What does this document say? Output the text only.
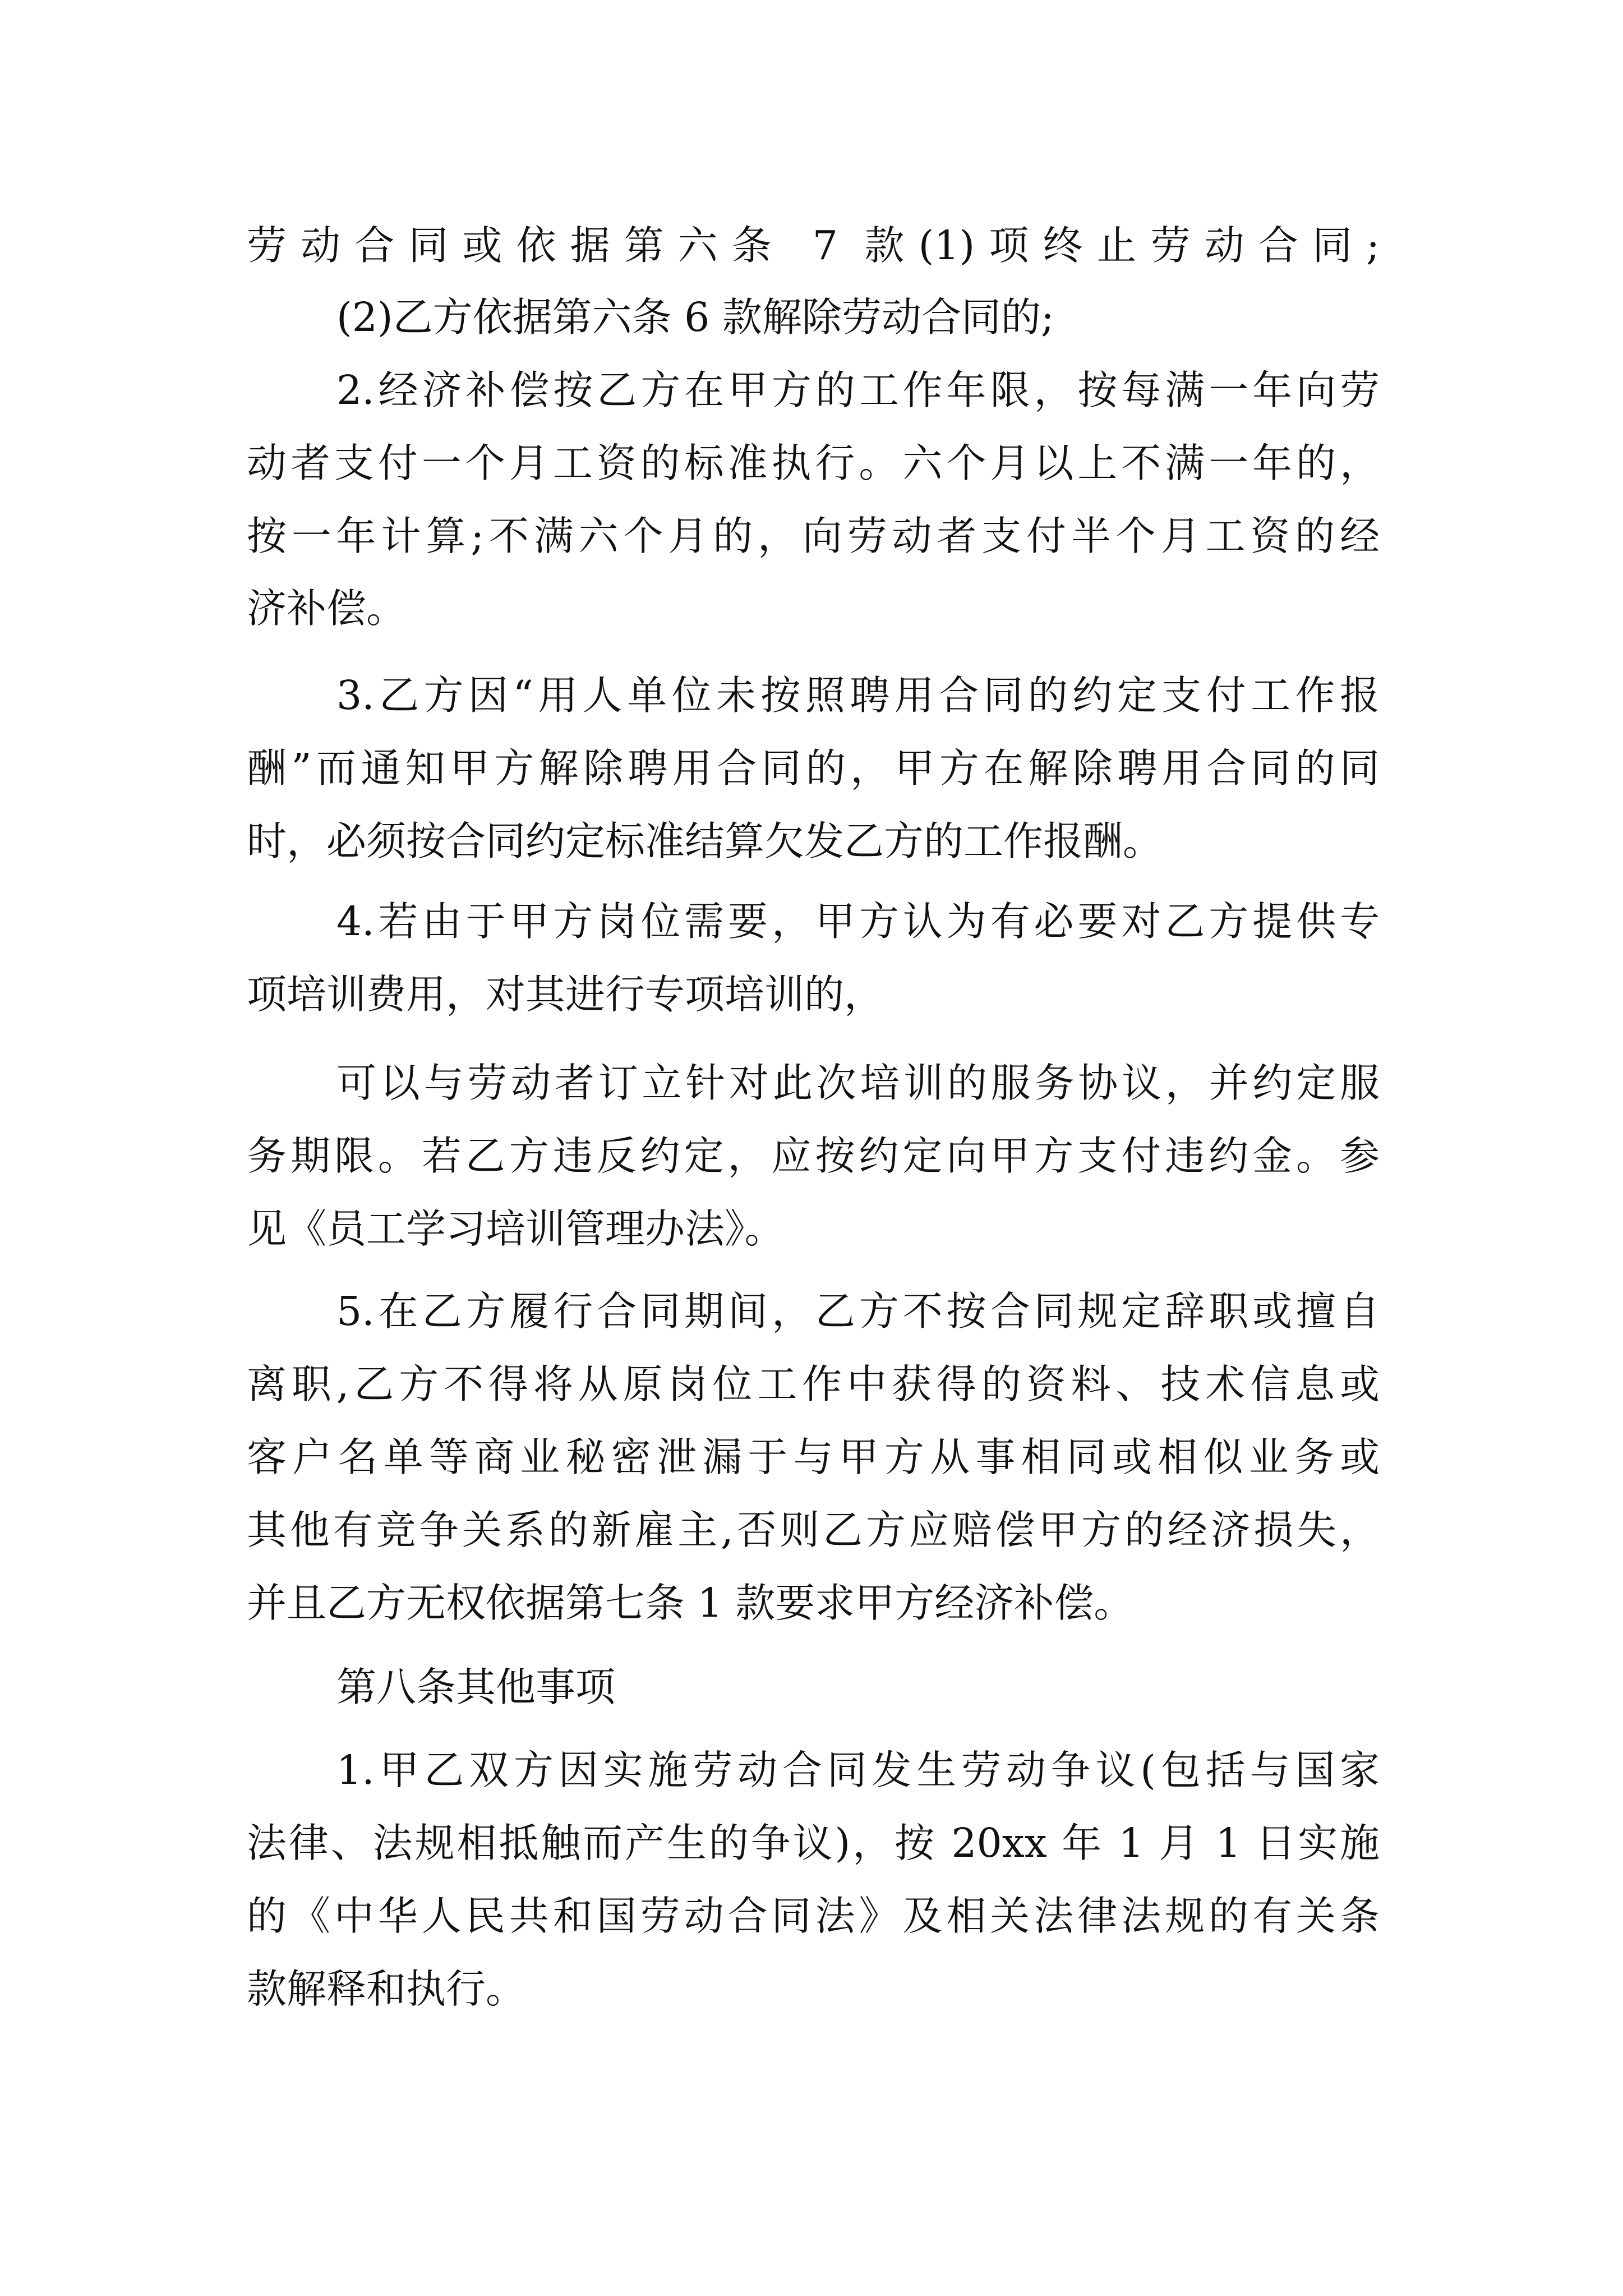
劳动合同或依据第六条 7 款(1)项终止劳动合同;
(2)乙方依据第六条 6 款解除劳动合同的;
2.经济补偿按乙方在甲方的工作年限，按每满一年向劳
动者支付一个月工资的标准执行。六个月以上不满一年的，
按一年计算;不满六个月的，向劳动者支付半个月工资的经
济补偿。
3.乙方因“用人单位未按照聘用合同的约定支付工作报
酬”而通知甲方解除聘用合同的，甲方在解除聘用合同的同
时，必须按合同约定标准结算欠发乙方的工作报酬。
4.若由于甲方岗位需要，甲方认为有必要对乙方提供专
项培训费用，对其进行专项培训的，
可以与劳动者订立针对此次培训的服务协议，并约定服
务期限。若乙方违反约定，应按约定向甲方支付违约金。参
见《员工学习培训管理办法》。
5.在乙方履行合同期间，乙方不按合同规定辞职或擅自
离职,乙方不得将从原岗位工作中获得的资料、技术信息或
客户名单等商业秘密泄漏于与甲方从事相同或相似业务或
其他有竞争关系的新雇主,否则乙方应赔偿甲方的经济损失，
并且乙方无权依据第七条 1 款要求甲方经济补偿。
第八条其他事项
1.甲乙双方因实施劳动合同发生劳动争议(包括与国家
法律、法规相抵触而产生的争议)，按 20xx 年 1 月 1 日实施
的《中华人民共和国劳动合同法》及相关法律法规的有关条
款解释和执行。
